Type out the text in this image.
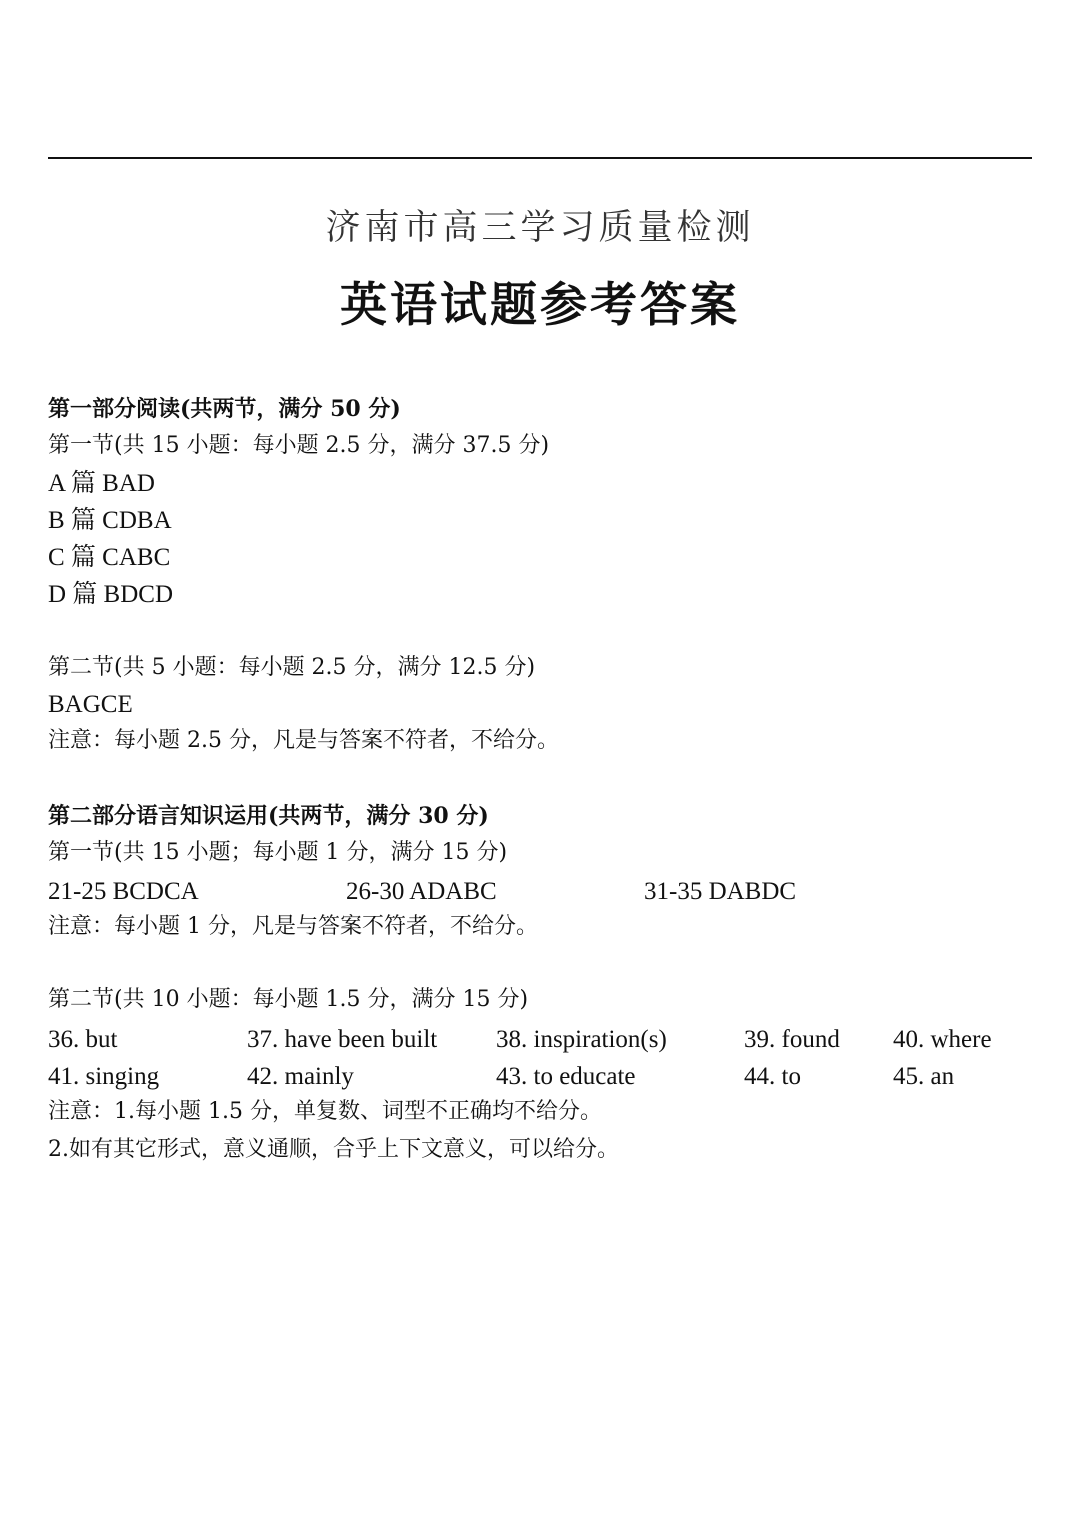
济南市高三学习质量检测
英语试题参考答案
第一部分阅读(共两节，满分 50 分)
第一节(共 15 小题：每小题 2.5 分，满分 37.5 分)
A 篇 BAD
B 篇 CDBA
C 篇 CABC
D 篇 BDCD
第二节(共 5 小题：每小题 2.5 分，满分 12.5 分)
BAGCE
注意：每小题 2.5 分，凡是与答案不符者，不给分。
第二部分语言知识运用(共两节，满分 30 分)
第一节(共 15 小题；每小题 1 分，满分 15 分)
21-25 BCDCA	26-30 ADABC	31-35 DABDC
注意：每小题 1 分，凡是与答案不符者，不给分。
第二节(共 10 小题：每小题 1.5 分，满分 15 分)
36. but	37. have been built 38. inspiration(s)	39. found 40. where
41. singing	42. mainly	43. to educate	44. to	45. an
注意：1.每小题 1.5 分，单复数、词型不正确均不给分。
2.如有其它形式，意义通顺，合乎上下文意义，可以给分。
